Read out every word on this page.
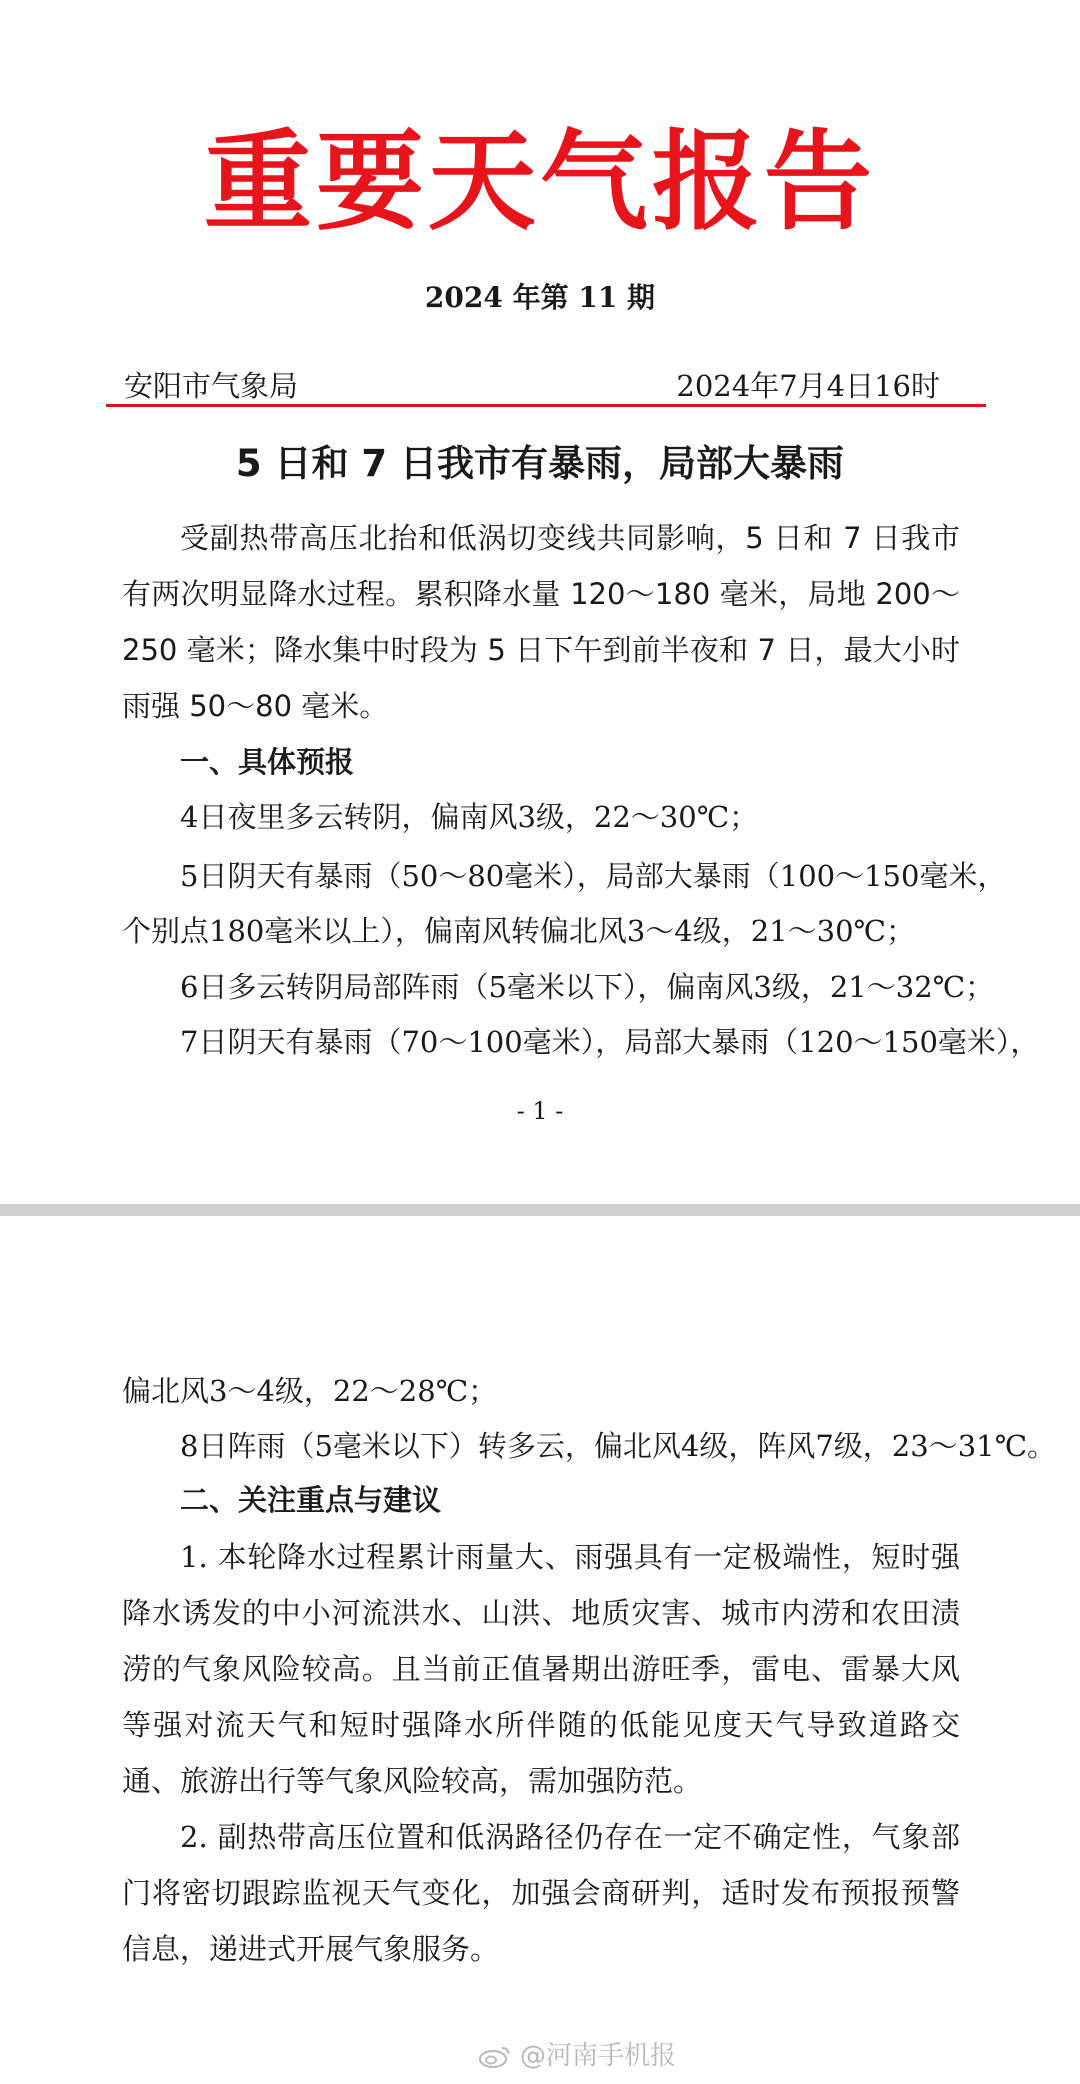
重要天气报告
2024 年第 11 期
安阳市气象局	2024年7月4日16时
5 日和 7 日我市有暴雨，局部大暴雨
受副热带高压北抬和低涡切变线共同影响，5 日和 7 日我市有两次明显降水过程。累积降水量 120～180 毫米，局地 200～250 毫米；降水集中时段为 5 日下午到前半夜和 7 日，最大小时雨强 50～80 毫米。
一、具体预报
4日夜里多云转阴，偏南风3级，22～30℃；
5日阴天有暴雨（50～80毫米），局部大暴雨（100～150毫米，
个别点180毫米以上），偏南风转偏北风3～4级，21～30℃；
6日多云转阴局部阵雨（5毫米以下），偏南风3级，21～32℃；
7日阴天有暴雨（70～100毫米），局部大暴雨（120～150毫米），
- 1 -
偏北风3～4级，22～28℃；
8日阵雨（5毫米以下）转多云，偏北风4级，阵风7级，23～31℃。
二、关注重点与建议
1. 本轮降水过程累计雨量大、雨强具有一定极端性，短时强降水诱发的中小河流洪水、山洪、地质灾害、城市内涝和农田渍涝的气象风险较高。且当前正值暑期出游旺季，雷电、雷暴大风等强对流天气和短时强降水所伴随的低能见度天气导致道路交通、旅游出行等气象风险较高，需加强防范。
2. 副热带高压位置和低涡路径仍存在一定不确定性，气象部门将密切跟踪监视天气变化，加强会商研判，适时发布预报预警信息，递进式开展气象服务。
@河南手机报
